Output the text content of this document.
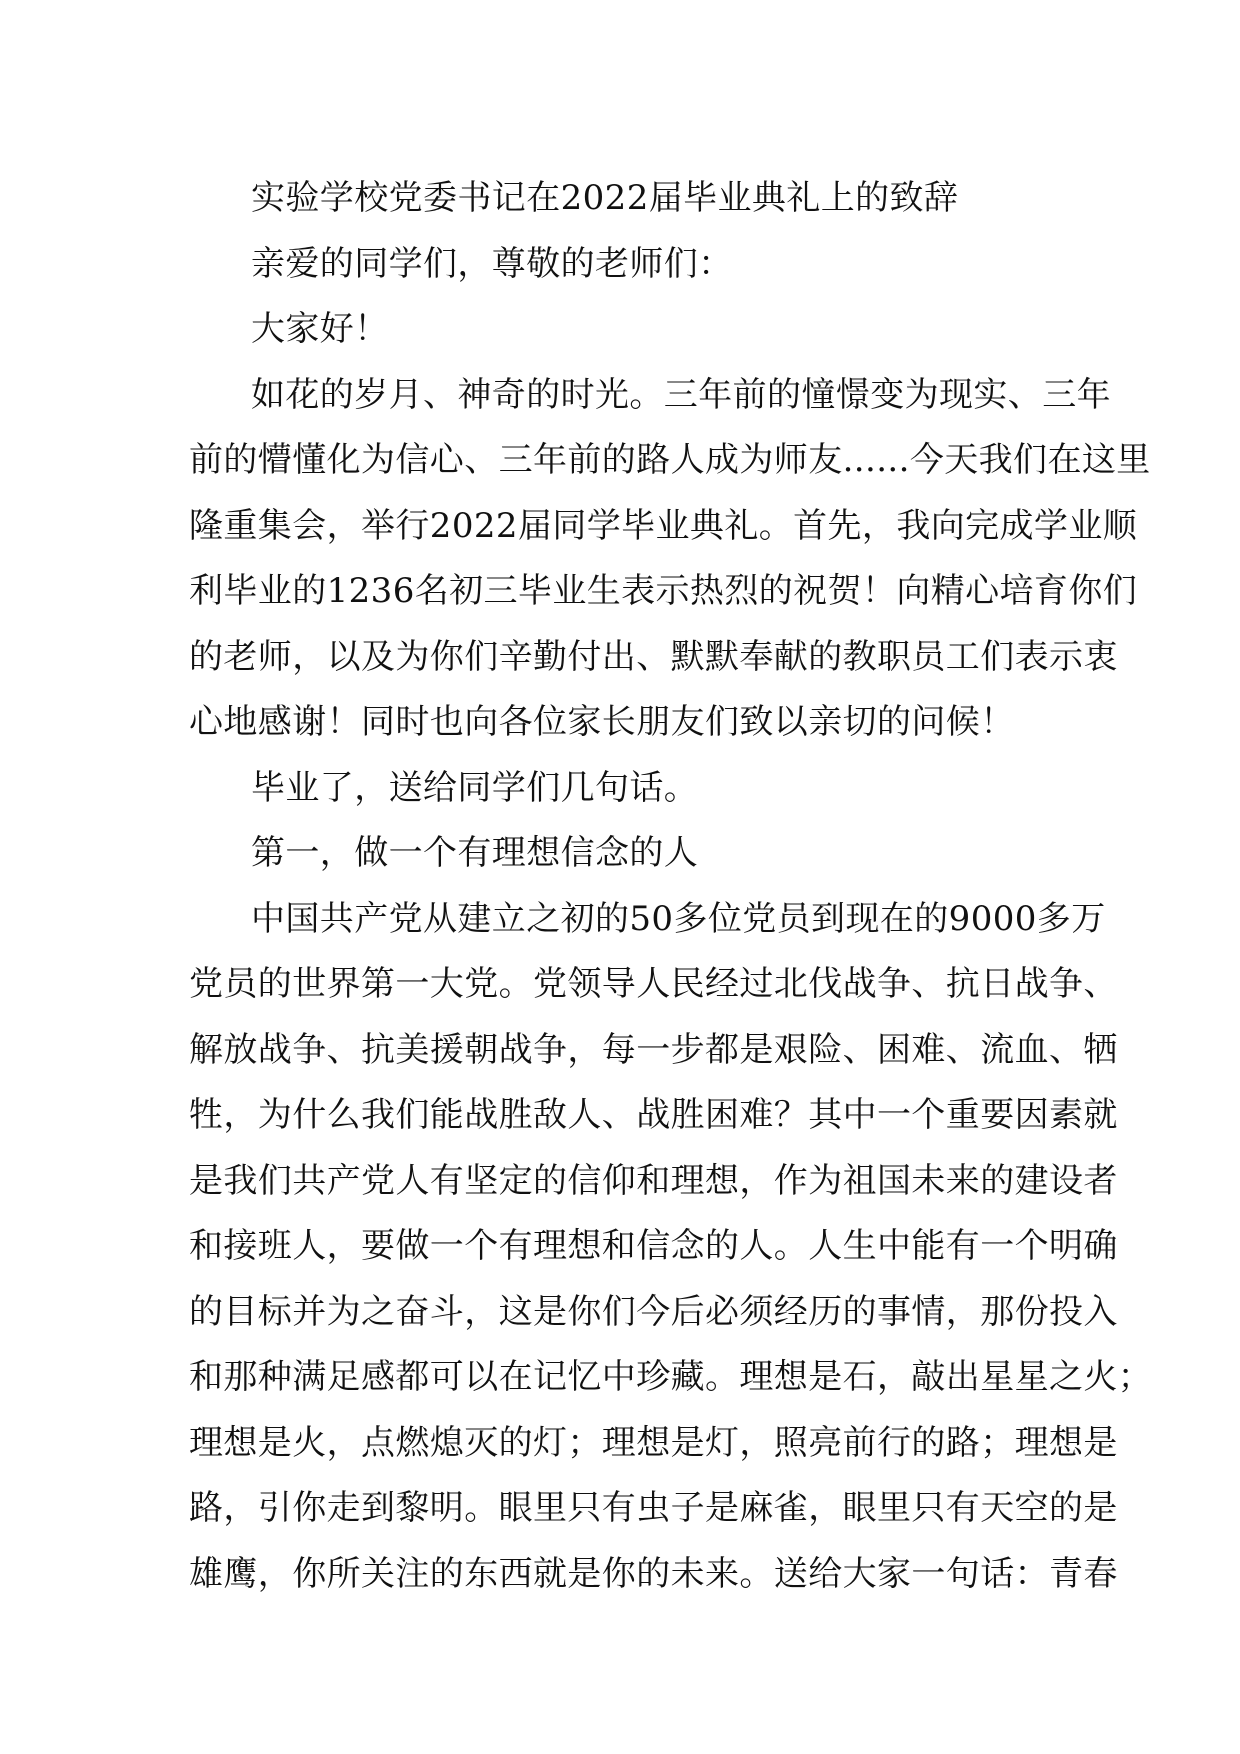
实验学校党委书记在2022届毕业典礼上的致辞

亲爱的同学们，尊敬的老师们：

大家好！

如花的岁月、神奇的时光。三年前的憧憬变为现实、三年
前的懵懂化为信心、三年前的路人成为师友......今天我们在这里
隆重集会，举行2022届同学毕业典礼。首先，我向完成学业顺
利毕业的1236名初三毕业生表示热烈的祝贺！向精心培育你们
的老师，以及为你们辛勤付出、默默奉献的教职员工们表示衷
心地感谢！同时也向各位家长朋友们致以亲切的问候！

毕业了，送给同学们几句话。

第一，做一个有理想信念的人

中国共产党从建立之初的50多位党员到现在的9000多万
党员的世界第一大党。党领导人民经过北伐战争、抗日战争、
解放战争、抗美援朝战争，每一步都是艰险、困难、流血、牺
牲，为什么我们能战胜敌人、战胜困难？其中一个重要因素就
是我们共产党人有坚定的信仰和理想，作为祖国未来的建设者
和接班人，要做一个有理想和信念的人。人生中能有一个明确
的目标并为之奋斗，这是你们今后必须经历的事情，那份投入
和那种满足感都可以在记忆中珍藏。理想是石，敲出星星之火；
理想是火，点燃熄灭的灯；理想是灯，照亮前行的路；理想是
路，引你走到黎明。眼里只有虫子是麻雀，眼里只有天空的是
雄鹰，你所关注的东西就是你的未来。送给大家一句话：青春
